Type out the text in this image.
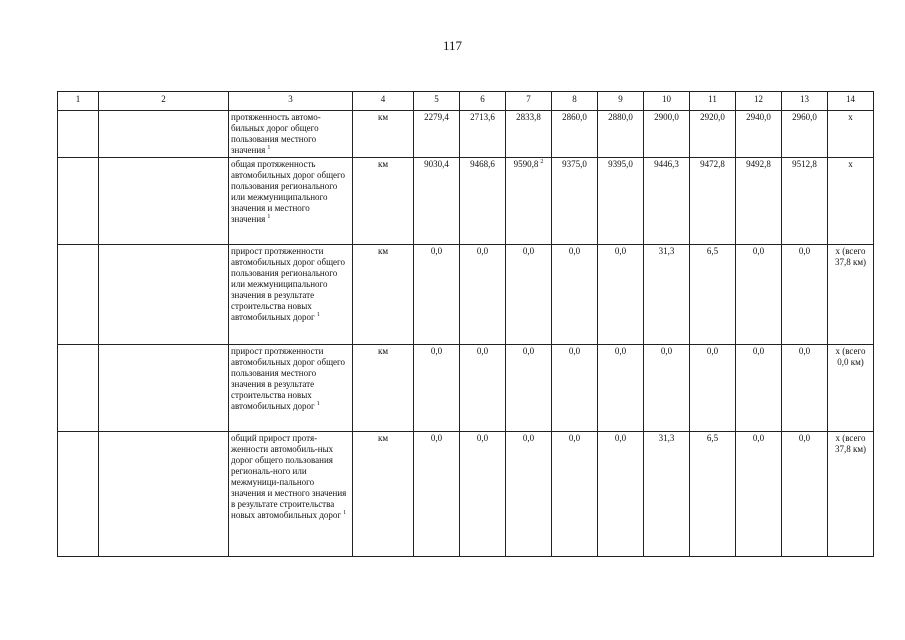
117
1	2	3	4	5	6	7	8	9	10	11	12	13	14
		протяженность автомо-бильных дорог общего пользования местного значения $^1$	км	2279,4	2713,6	2833,8	2860,0	2880,0	2900,0	2920,0	2940,0	2960,0	х
		общая протяженность автомобильных дорог общего пользования регионального или межмуниципального значения и местного значения $^1$	км	9030,4	9468,6	9590,8 $^2$	9375,0	9395,0	9446,3	9472,8	9492,8	9512,8	х
		прирост протяженности автомобильных дорог общего пользования регионального или межмуниципального значения в результате строительства новых автомобильных дорог $^1$	км	0,0	0,0	0,0	0,0	0,0	31,3	6,5	0,0	0,0	х (всего 37,8 км)
		прирост протяженности автомобильных дорог общего пользования местного значения в результате строительства новых автомобильных дорог $^1$	км	0,0	0,0	0,0	0,0	0,0	0,0	0,0	0,0	0,0	х (всего 0,0 км)
		общий прирост протя-женности автомобиль-ных дорог общего пользования региональ-ного или межмуници-пального значения и местного значения в результате строительства новых автомобильных дорог $^1$	км	0,0	0,0	0,0	0,0	0,0	31,3	6,5	0,0	0,0	х (всего 37,8 км)
